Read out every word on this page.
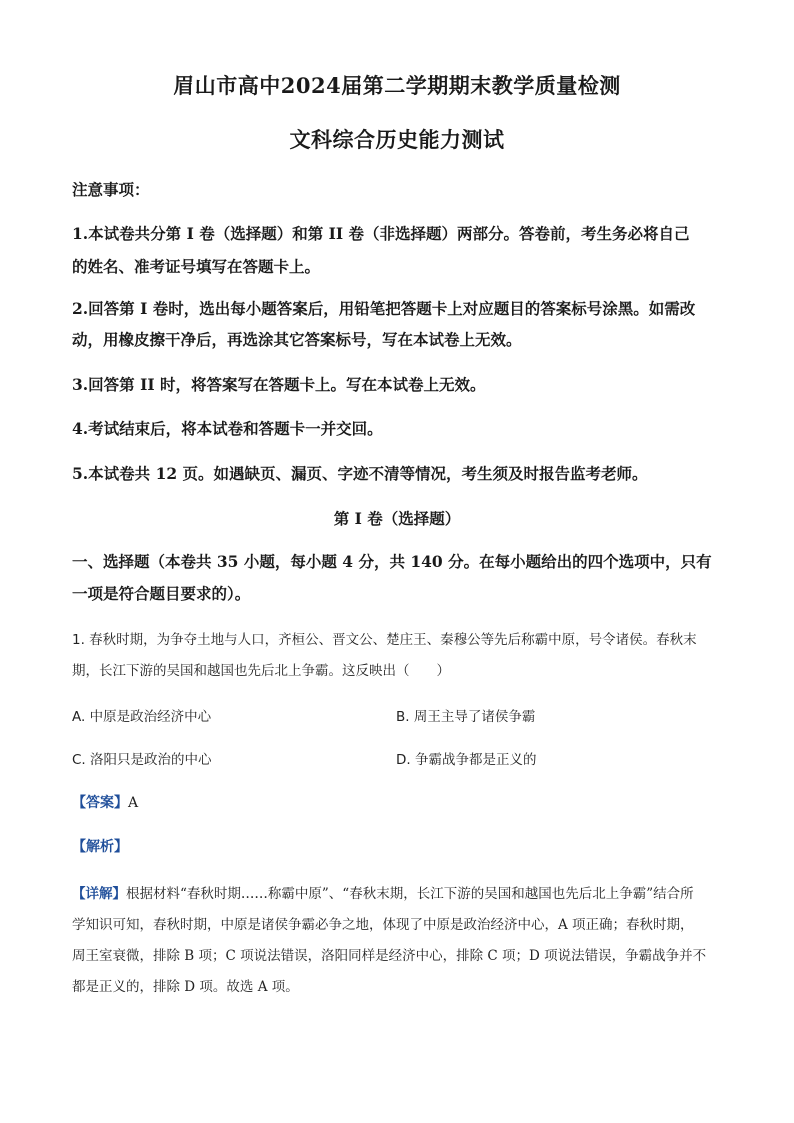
眉山市高中2024届第二学期期末教学质量检测
文科综合历史能力测试
注意事项：
1.本试卷共分第 I 卷（选择题）和第 II 卷（非选择题）两部分。答卷前，考生务必将自己
的姓名、准考证号填写在答题卡上。
2.回答第 I 卷时，选出每小题答案后，用铅笔把答题卡上对应题目的答案标号涂黑。如需改
动，用橡皮擦干净后，再选涂其它答案标号，写在本试卷上无效。
3.回答第 II 时，将答案写在答题卡上。写在本试卷上无效。
4.考试结束后，将本试卷和答题卡一并交回。
5.本试卷共 12 页。如遇缺页、漏页、字迹不清等情况，考生须及时报告监考老师。
第 I 卷（选择题）
一、选择题（本卷共 35 小题，每小题 4 分，共 140 分。在每小题给出的四个选项中，只有
一项是符合题目要求的）。
1. 春秋时期，为争夺土地与人口，齐桓公、晋文公、楚庄王、秦穆公等先后称霸中原，号令诸侯。春秋末
期，长江下游的吴国和越国也先后北上争霸。这反映出（　　）
A. 中原是政治经济中心	B. 周王主导了诸侯争霸
C. 洛阳只是政治的中心	D. 争霸战争都是正义的
【答案】A
【解析】
【详解】根据材料“春秋时期……称霸中原”、“春秋末期，长江下游的吴国和越国也先后北上争霸”结合所
学知识可知，春秋时期，中原是诸侯争霸必争之地，体现了中原是政治经济中心，A 项正确；春秋时期，
周王室衰微，排除 B 项；C 项说法错误，洛阳同样是经济中心，排除 C 项；D 项说法错误，争霸战争并不
都是正义的，排除 D 项。故选 A 项。
